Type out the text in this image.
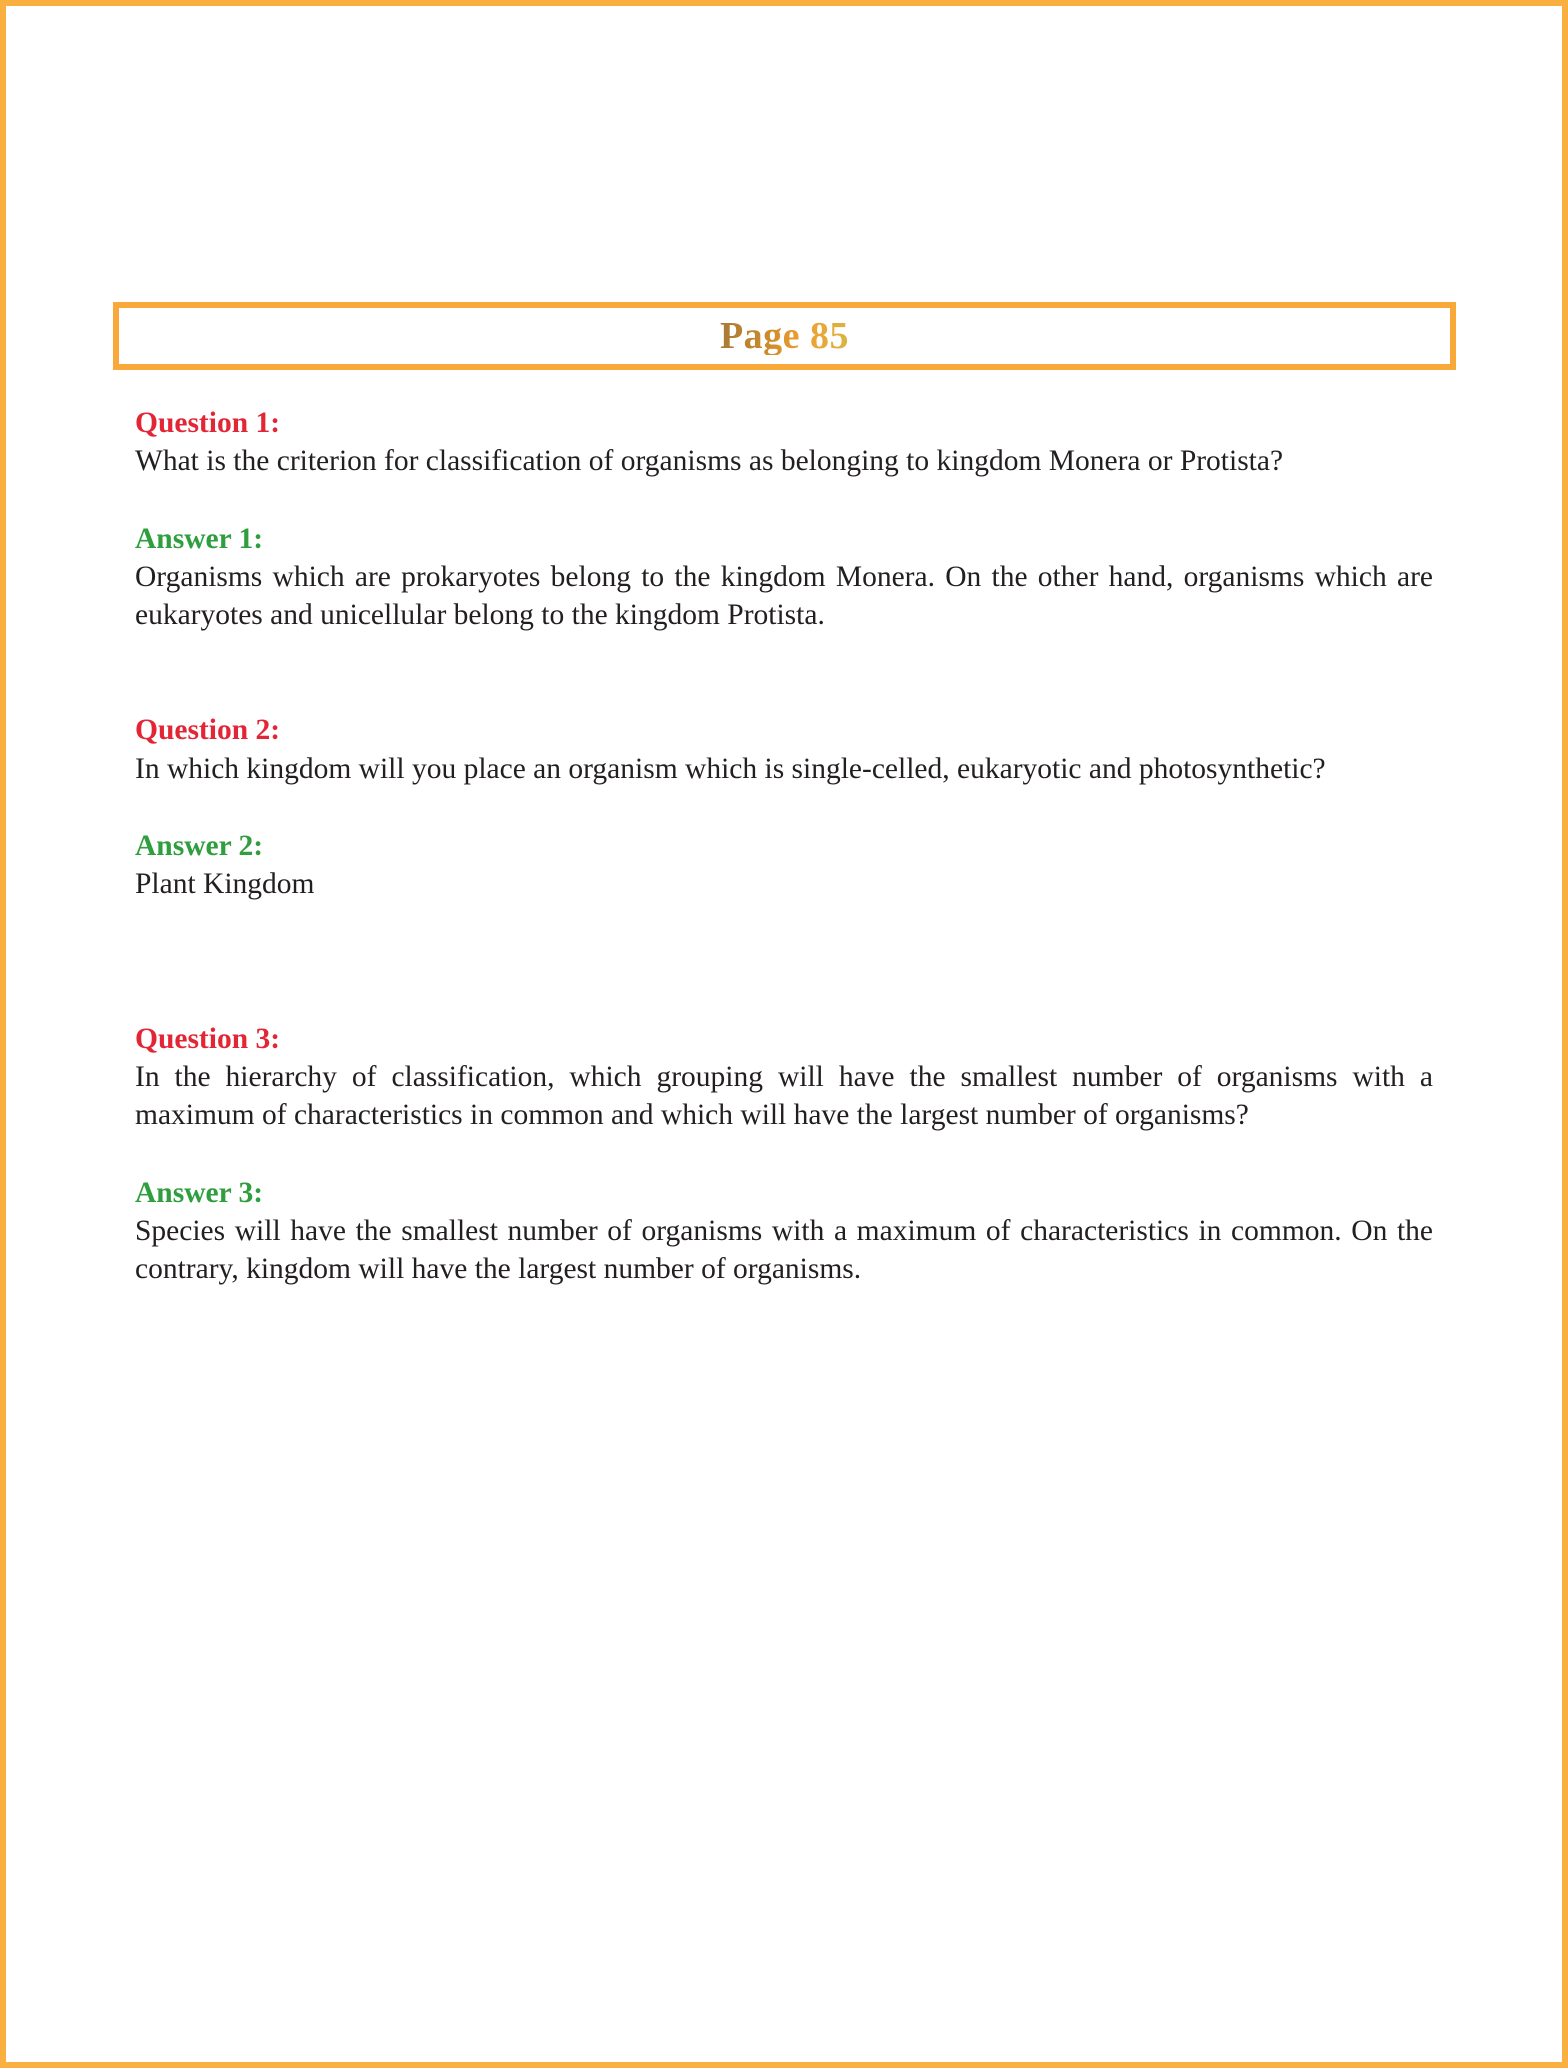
Page 85
Question 1:

What is the criterion for classification of organisms as belonging to kingdom Monera or Protista?

Answer 1:

Organisms which are prokaryotes belong to the kingdom Monera. On the other hand, organisms which are eukaryotes and unicellular belong to the kingdom Protista.

Question 2:

In which kingdom will you place an organism which is single-celled, eukaryotic and photosynthetic?

Answer 2:

Plant Kingdom

Question 3:

In the hierarchy of classification, which grouping will have the smallest number of organisms with a maximum of characteristics in common and which will have the largest number of organisms?

Answer 3:

Species will have the smallest number of organisms with a maximum of characteristics in common. On the contrary, kingdom will have the largest number of organisms.
